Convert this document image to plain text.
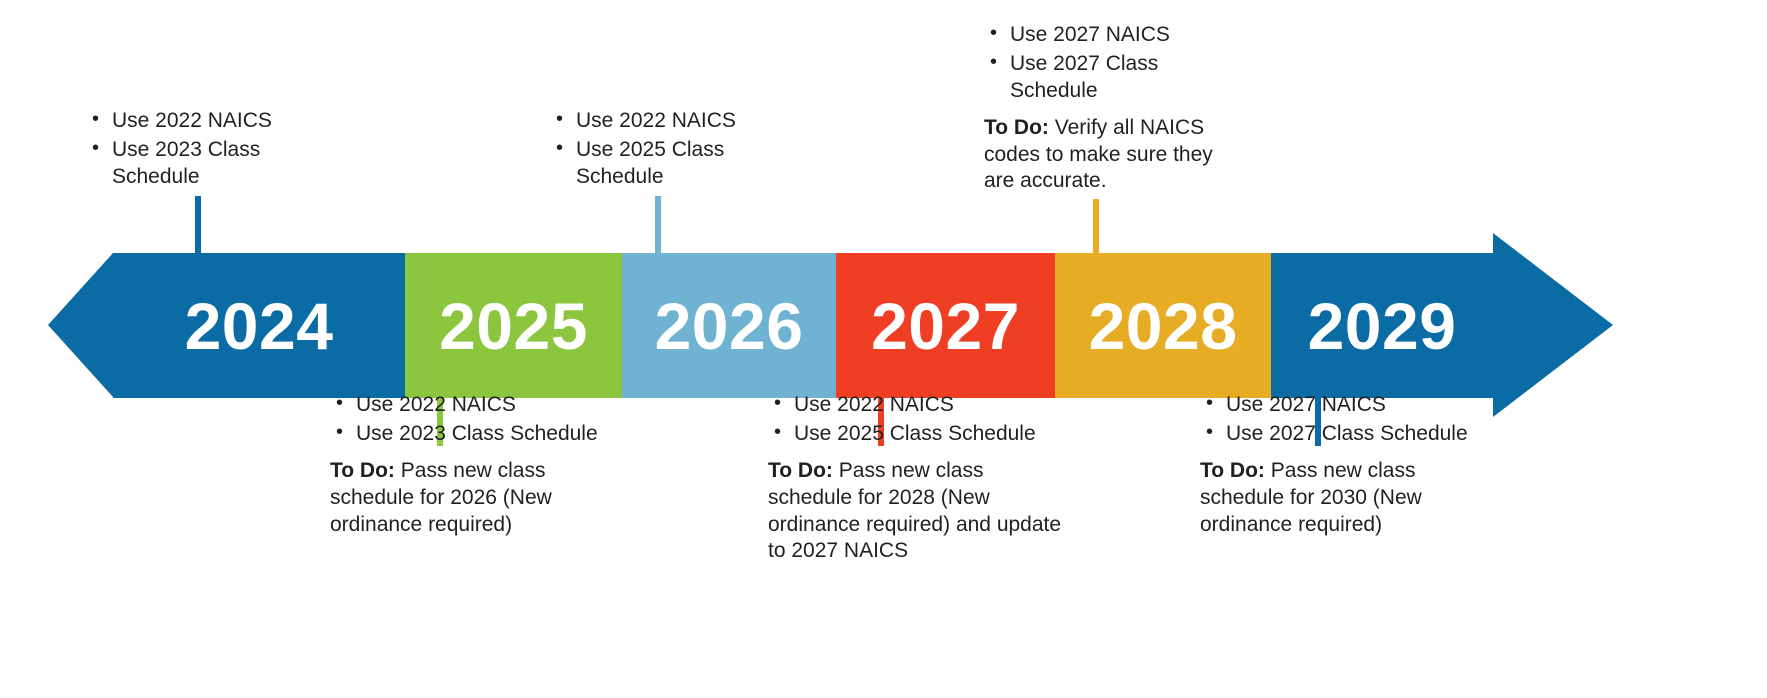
• Use 2022 NAICS
• Use 2023 Class Schedule
• Use 2022 NAICS
• Use 2025 Class Schedule
• Use 2027 NAICS
• Use 2027 Class Schedule
To Do: Verify all NAICS codes to make sure they are accurate.
2024 2025 2026 2027 2028 2029
• Use 2022 NAICS
• Use 2023 Class Schedule
To Do: Pass new class schedule for 2026 (New ordinance required)
• Use 2022 NAICS
• Use 2025 Class Schedule
To Do: Pass new class schedule for 2028 (New ordinance required) and update to 2027 NAICS
• Use 2027 NAICS
• Use 2027 Class Schedule
To Do: Pass new class schedule for 2030 (New ordinance required)
